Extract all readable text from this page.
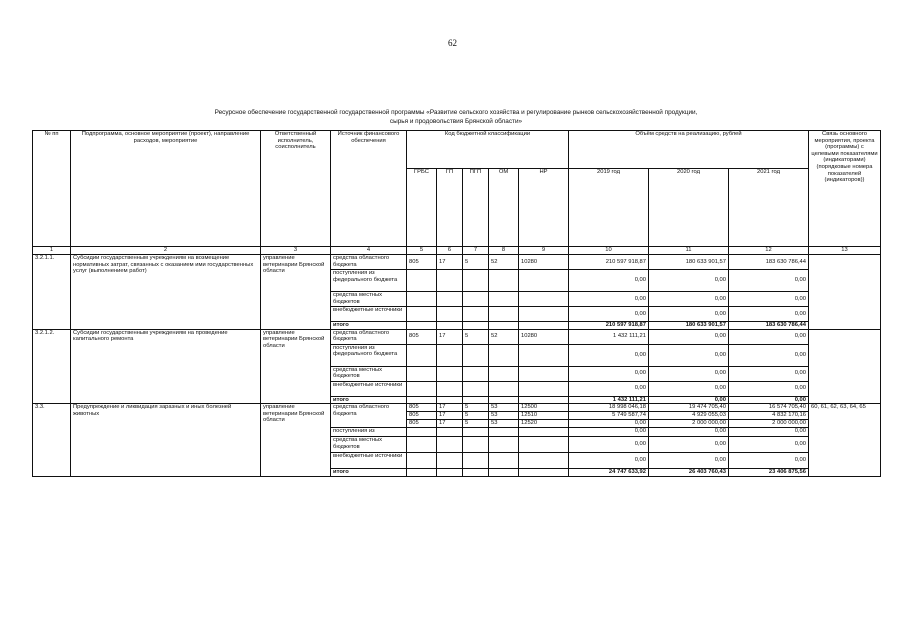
62
Ресурсное обеспечение государственной государственной программы «Развитие сельского хозяйства и регулирование рынков сельскохозяйственной продукции,
сырья и продовольствия Брянской области»
№ пп	Подпрограмма, основное мероприятие (проект), направление расходов, мероприятие	Ответственный исполнитель, соисполнитель	Источник финансового обеспечения	Код бюджетной классификации					Объём средств на реализацию, рублей			Связь основного мероприятия, проекта (программы) с целевыми показателями (индикаторами) (порядковые номера показателей (индикаторов))
				ГРБС	ГП	ПГП	ОМ	НР	2019 год	2020 год	2021 год	
1	2	3	4	5	6	7	8	9	10	11	12	13
3.2.1.1.	Субсидии государственным учреждениям на возмещение нормативных затрат, связанных с оказанием ими государственных услуг (выполнением работ)	управление ветеринарии Брянской области	средства областного бюджета	805	17	5	52	10280	210 597 918,87	180 633 901,57	183 630 786,44	
			поступления из федерального бюджета						0,00	0,00	0,00	
			средства местных бюджетов						0,00	0,00	0,00	
			внебюджетные источники						0,00	0,00	0,00	
			итого						210 597 918,87	180 633 901,57	183 630 786,44	
3.2.1.2.	Субсидии государственным учреждениям на проведение капитального ремонта	управление ветеринарии Брянской области	средства областного бюджета	805	17	5	52	10280	1 432 111,21	0,00	0,00	
			поступления из федерального бюджета						0,00	0,00	0,00	
			средства местных бюджетов						0,00	0,00	0,00	
			внебюджетные источники						0,00	0,00	0,00	
			итого						1 432 111,21	0,00	0,00	
3.3.	Предупреждение и ликвидация заразных и иных болезней животных	управление ветеринарии Брянской области	средства областного бюджета	805	17	5	53	12500	18 998 046,18	19 474 705,40	16 574 705,40	60, 61, 62, 63, 64, 65
				805	17	5	53	12510	5 749 587,74	4 929 055,03	4 832 170,16	
				805	17	5	53	12520	0,00	2 000 000,00	2 000 000,00	
			поступления из						0,00	0,00	0,00	
			средства местных бюджетов						0,00	0,00	0,00	
			внебюджетные источники						0,00	0,00	0,00	
			итого						24 747 633,92	26 403 760,43	23 406 875,56	
